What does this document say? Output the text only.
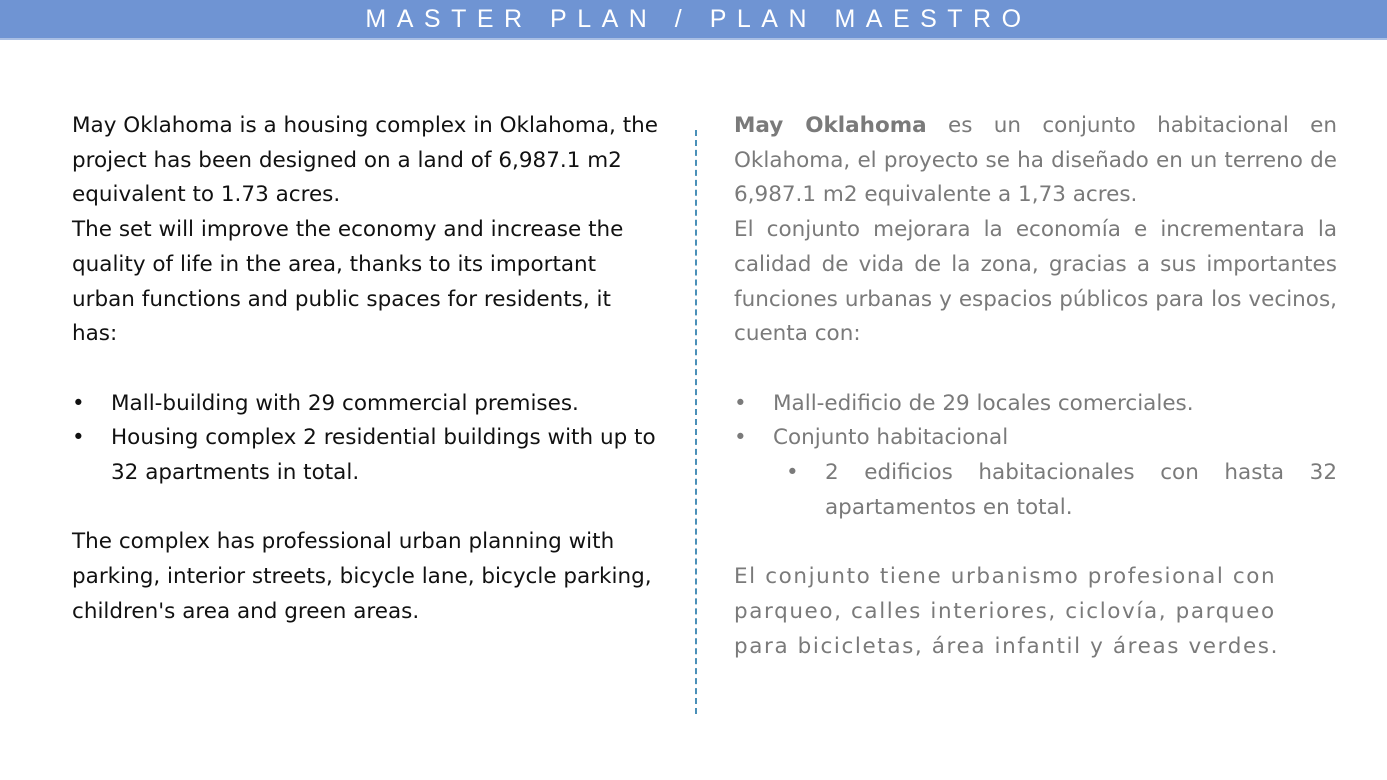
MASTER PLAN / PLAN MAESTRO

May Oklahoma is a housing complex in Oklahoma, the project has been designed on a land of 6,987.1 m2 equivalent to 1.73 acres.

The set will improve the economy and increase the quality of life in the area, thanks to its important urban functions and public spaces for residents, it has:

•	Mall-building with 29 commercial premises.
•	Housing complex 2 residential buildings with up to 32 apartments in total.

The complex has professional urban planning with parking, interior streets, bicycle lane, bicycle parking, children's area and green areas.

May Oklahoma es un conjunto habitacional en Oklahoma, el proyecto se ha diseñado en un terreno de 6,987.1 m2 equivalente a 1,73 acres.

El conjunto mejorara la economía e incrementara la calidad de vida de la zona, gracias a sus importantes funciones urbanas y espacios públicos para los vecinos, cuenta con:

•	Mall-edificio de 29 locales comerciales.
•	Conjunto habitacional
• 2 edificios habitacionales con hasta 32 apartamentos en total.

El conjunto tiene urbanismo profesional con parqueo, calles interiores, ciclovía, parqueo para bicicletas, área infantil y áreas verdes.
